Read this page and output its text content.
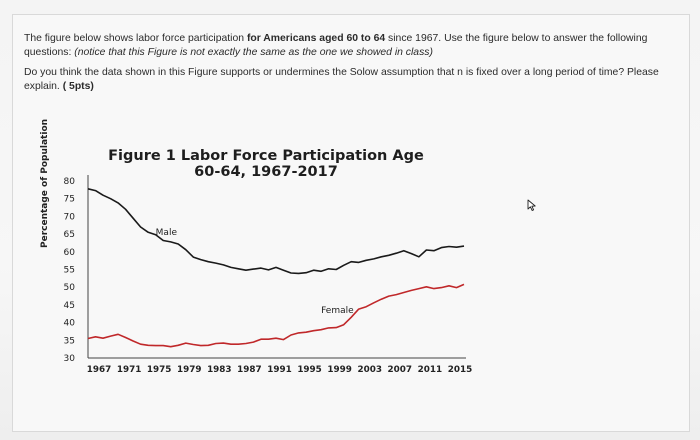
The figure below shows labor force participation for Americans aged 60 to 64 since 1967. Use the figure below to answer the following questions: (notice that this Figure is not exactly the same as the one we showed in class)

Do you think the data shown in this Figure supports or undermines the Solow assumption that n is fixed over a long period of time? Please explain. ( 5pts)

Figure 1 Labor Force Participation Age
60-64, 1967-2017
Percentage of Population 80
75
70
65
60
55
50
45
40
35
30
1967 1971 1975 1979 1983 1987 1991 1995 1999 2003 2007 2011 2015
Male
Female
